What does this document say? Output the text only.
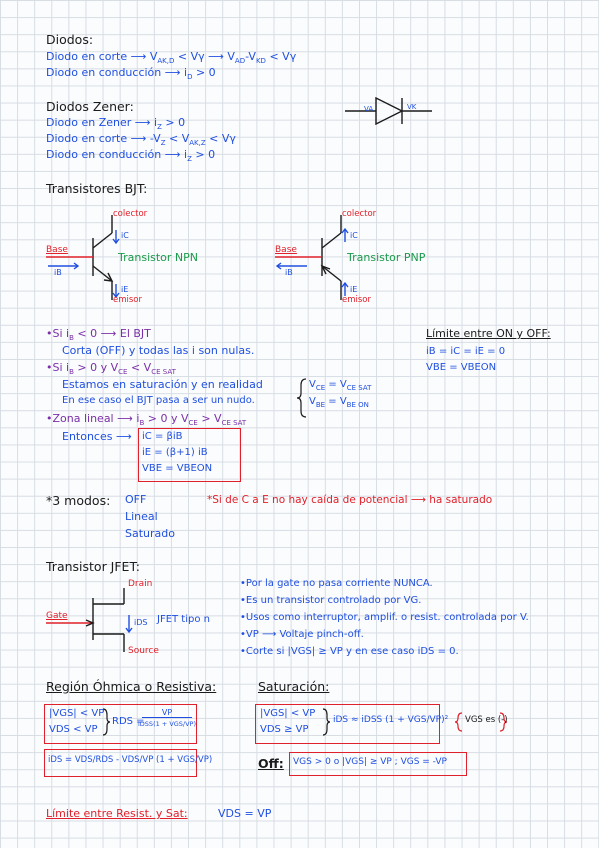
Diodos:
Diodo en corte ⟶ $V_{AK,D} < V\gamma$ ⟶ $V_{AD}-V_{KD} < V\gamma$
Diodo en conducción ⟶ $i_D > 0$
Diodos Zener:
Diodo en Zener ⟶ $i_Z > 0$
Diodo en corte ⟶ $-V_Z < V_{AK,Z} < V\gamma$
Diodo en conducción ⟶ $i_Z > 0$
VA	VK
Transistores BJT:
colector
Base
iB
iC
iE
emisor
Transistor NPN
colector
Base
iB
iC
iE
emisor
Transistor PNP
•Si $i_B < 0$ ⟶ El BJT
Corta (OFF) y todas las i son nulas.
•Si $i_B > 0$ y $V_{CE} < V_{CE SAT}$
Estamos en saturación y en realidad
En ese caso el BJT pasa a ser un nudo.
$V_{CE} = V_{CE SAT}$
$V_{BE} = V_{BE ON}$
•Zona lineal ⟶ $i_B > 0$ y $V_{CE} > V_{CE SAT}$
Entonces ⟶ iC = βiB
iE = (β+1) iB
VBE = VBEON
Límite entre ON y OFF:
iB = iC = iE = 0
VBE = VBEON
*3 modos: OFF
Lineal
Saturado
*Si de C a E no hay caída de potencial ⟶ ha saturado
Transistor JFET:
Drain
Gate
Source
iDS JFET tipo n
•Por la gate no pasa corriente NUNCA.
•Es un transistor controlado por VG.
•Usos como interruptor, amplif. o resist. controlada por V.
•VP ⟶ Voltaje pinch-off.
•Corte si |VGS| ≥ VP y en ese caso iDS = 0.
Región Óhmica o Resistiva:
|VGS| < VP
VDS < VP
RDS =
VP
iDSS(1 + VGS/VP)
iDS = VDS/RDS - VDS/VP (1 + VGS/VP)
Saturación:
|VGS| < VP
VDS ≥ VP
iDS ≈ iDSS (1 + VGS/VP)² VGS es (-)
Off: VGS > 0 o |VGS| ≥ VP ; VGS = -VP
Límite entre Resist. y Sat:	VDS = VP
